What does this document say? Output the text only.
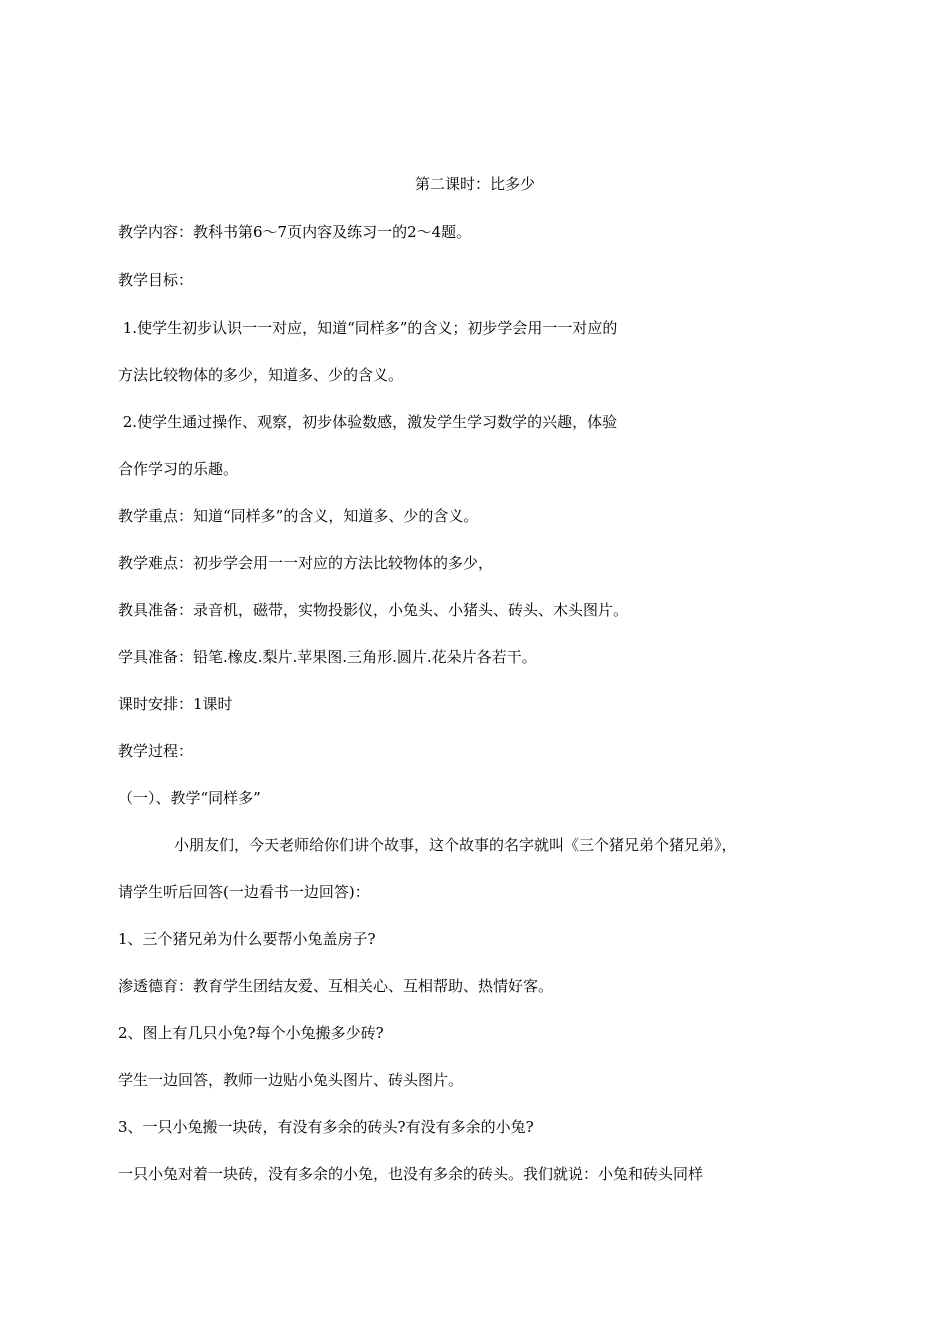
第二课时：比多少
教学内容：教科书第6～7页内容及练习一的2～4题。
教学目标：
1.使学生初步认识一一对应，知道“同样多”的含义；初步学会用一一对应的
方法比较物体的多少，知道多、少的含义。
2.使学生通过操作、观察，初步体验数感，激发学生学习数学的兴趣，体验
合作学习的乐趣。
教学重点：知道“同样多”的含义，知道多、少的含义。
教学难点：初步学会用一一对应的方法比较物体的多少，
教具准备：录音机，磁带，实物投影仪，小兔头、小猪头、砖头、木头图片。
学具准备：铅笔.橡皮.梨片.苹果图.三角形.圆片.花朵片各若干。
课时安排：1课时
教学过程：
（一）、教学“同样多”
小朋友们，今天老师给你们讲个故事，这个故事的名字就叫《三个猪兄弟个猪兄弟》，
请学生听后回答(一边看书一边回答)：
1、三个猪兄弟为什么要帮小兔盖房子?
渗透德育：教育学生团结友爱、互相关心、互相帮助、热情好客。
2、图上有几只小兔?每个小兔搬多少砖?
学生一边回答，教师一边贴小兔头图片、砖头图片。
3、一只小兔搬一块砖，有没有多余的砖头?有没有多余的小兔?
一只小兔对着一块砖，没有多余的小兔，也没有多余的砖头。我们就说：小兔和砖头同样
